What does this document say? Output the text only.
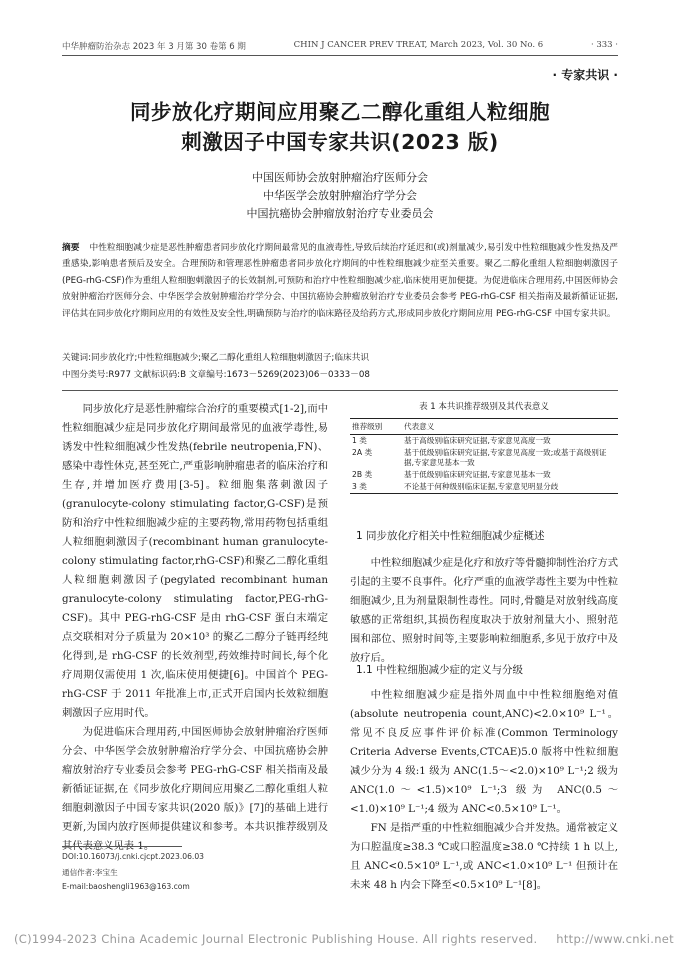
中华肿瘤防治杂志 2023 年 3 月第 30 卷第 6 期	CHIN J CANCER PREV TREAT, March 2023, Vol. 30 No. 6	· 333 ·
· 专家共识 ·
同步放化疗期间应用聚乙二醇化重组人粒细胞
刺激因子中国专家共识(2023 版)
中国医师协会放射肿瘤治疗医师分会
中华医学会放射肿瘤治疗学分会
中国抗癌协会肿瘤放射治疗专业委员会
摘要 中性粒细胞减少症是恶性肿瘤患者同步放化疗期间最常见的血液毒性,导致后续治疗延迟和(或)剂量减少,易引发中性粒细胞减少性发热及严重感染,影响患者预后及安全。合理预防和管理恶性肿瘤患者同步放化疗期间的中性粒细胞减少症至关重要。聚乙二醇化重组人粒细胞刺激因子(PEG-rhG-CSF)作为重组人粒细胞刺激因子的长效制剂,可预防和治疗中性粒细胞减少症,临床使用更加便捷。为促进临床合理用药,中国医师协会放射肿瘤治疗医师分会、中华医学会放射肿瘤治疗学分会、中国抗癌协会肿瘤放射治疗专业委员会参考 PEG-rhG-CSF 相关指南及最新循证证据,评估其在同步放化疗期间应用的有效性及安全性,明确预防与治疗的临床路径及给药方式,形成同步放化疗期间应用 PEG-rhG-CSF 中国专家共识。
关键词:同步放化疗;中性粒细胞减少;聚乙二醇化重组人粒细胞刺激因子;临床共识
中图分类号:R977 文献标识码:B 文章编号:1673－5269(2023)06－0333－08

同步放化疗是恶性肿瘤综合治疗的重要模式[1-2],而中性粒细胞减少症是同步放化疗期间最常见的血液学毒性,易诱发中性粒细胞减少性发热(febrile neutropenia,FN)、感染中毒性休克,甚至死亡,严重影响肿瘤患者的临床治疗和生存,并增加医疗费用[3-5]。粒细胞集落刺激因子(granulocyte-colony stimulating factor,G-CSF)是预防和治疗中性粒细胞减少症的主要药物,常用药物包括重组人粒细胞刺激因子(recombinant human granulocyte-colony stimulating factor,rhG-CSF)和聚乙二醇化重组人粒细胞刺激因子(pegylated recombinant human granulocyte-colony stimulating factor,PEG-rhG-CSF)。其中 PEG-rhG-CSF 是由 rhG-CSF 蛋白末端定点交联相对分子质量为 20×10³ 的聚乙二醇分子链再经纯化得到,是 rhG-CSF 的长效剂型,药效维持时间长,每个化疗周期仅需使用 1 次,临床使用便捷[6]。中国首个 PEG-rhG-CSF 于 2011 年批准上市,正式开启国内长效粒细胞刺激因子应用时代。

为促进临床合理用药,中国医师协会放射肿瘤治疗医师分会、中华医学会放射肿瘤治疗学分会、中国抗癌协会肿瘤放射治疗专业委员会参考 PEG-rhG-CSF 相关指南及最新循证证据,在《同步放化疗期间应用聚乙二醇化重组人粒细胞刺激因子中国专家共识(2020 版)》[7]的基础上进行更新,为国内放疗医师提供建议和参考。本共识推荐级别及其代表意义见表 1。

表 1 本共识推荐级别及其代表意义
推荐级别	代表意义
1 类	基于高级别临床研究证据,专家意见高度一致
2A 类	基于低级别临床研究证据,专家意见高度一致;或基于高级别证据,专家意见基本一致
2B 类	基于低级别临床研究证据,专家意见基本一致
3 类	不论基于何种级别临床证据,专家意见明显分歧
1 同步放化疗相关中性粒细胞减少症概述

中性粒细胞减少症是化疗和放疗等骨髓抑制性治疗方式引起的主要不良事件。化疗严重的血液学毒性主要为中性粒细胞减少,且为剂量限制性毒性。同时,骨髓是对放射线高度敏感的正常组织,其损伤程度取决于放射剂量大小、照射范围和部位、照射时间等,主要影响粒细胞系,多见于放疗中及放疗后。

1.1 中性粒细胞减少症的定义与分级

中性粒细胞减少症是指外周血中中性粒细胞绝对值(absolute neutropenia count,ANC)<2.0×10⁹ L⁻¹。常见不良反应事件评价标准(Common Terminology Criteria Adverse Events,CTCAE)5.0 版将中性粒细胞减少分为 4 级:1 级为 ANC(1.5～<2.0)×10⁹ L⁻¹;2 级为 ANC(1.0～<1.5)×10⁹ L⁻¹;3 级为 ANC(0.5～<1.0)×10⁹ L⁻¹;4 级为 ANC<0.5×10⁹ L⁻¹。

FN 是指严重的中性粒细胞减少合并发热。通常被定义为口腔温度≥38.3 ℃或口腔温度≥38.0 ℃持续 1 h 以上,且 ANC<0.5×10⁹ L⁻¹,或 ANC<1.0×10⁹ L⁻¹ 但预计在未来 48 h 内会下降至<0.5×10⁹ L⁻¹[8]。

DOI:10.16073/j.cnki.cjcpt.2023.06.03
通信作者:李宝生
E-mail:baoshengli1963@163.com
(C)1994-2023 China Academic Journal Electronic Publishing House. All rights reserved. http://www.cnki.net
